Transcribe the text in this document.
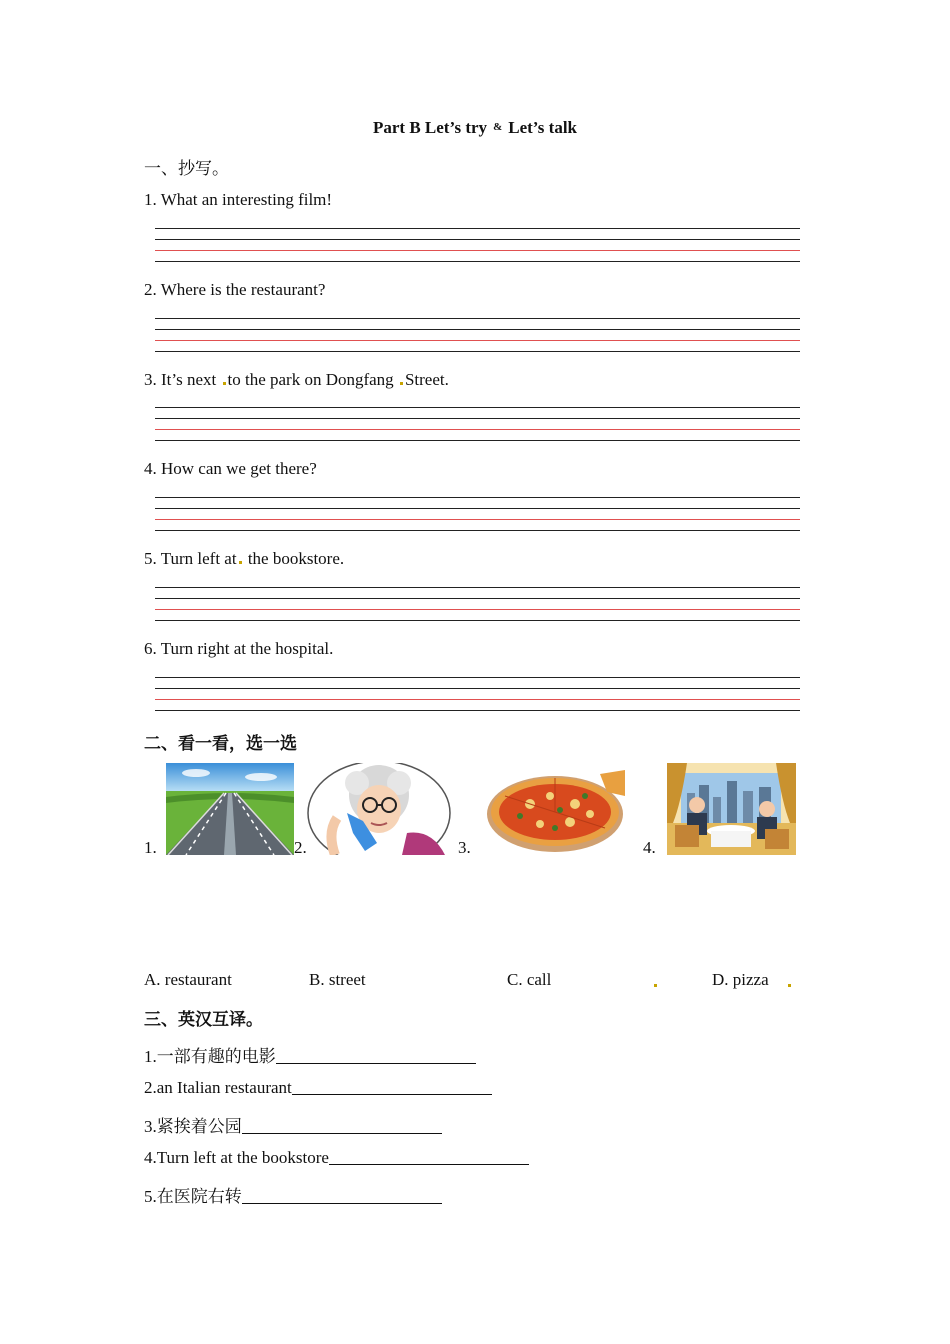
Part B Let’s try & Let’s talk
一、抄写。
1. What an interesting film!
2. Where is the restaurant?
3. It’s next to the park on Dongfang Street.
4. How can we get there?
5. Turn left at the bookstore.
6. Turn right at the hospital.
二、看一看，选一选
1.	2.	3.	4.
A. restaurant	B. street	C. call	D. pizza
三、英汉互译。
1.一部有趣的电影
2.an Italian restaurant
3.紧挨着公园
4.Turn left at the bookstore
5.在医院右转
